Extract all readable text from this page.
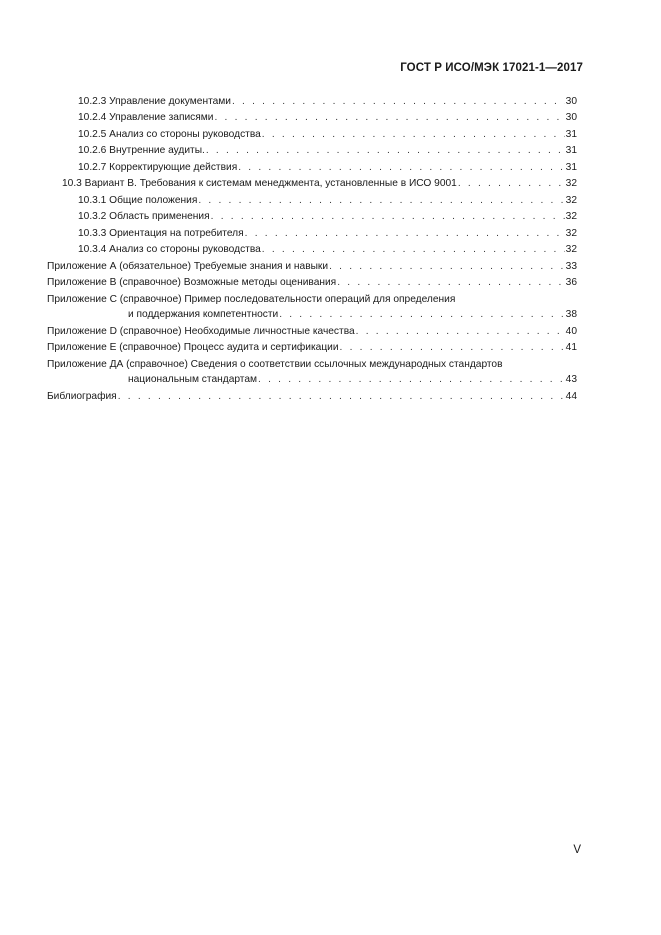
ГОСТ Р ИСО/МЭК 17021-1—2017
10.2.3 Управление документами . . .	30
10.2.4 Управление записями . . .	30
10.2.5 Анализ со стороны руководства . . .	31
10.2.6 Внутренние аудиты. . . .	31
10.2.7 Корректирующие действия . . .	31
10.3 Вариант В. Требования к системам менеджмента, установленные в ИСО 9001 . . .	32
10.3.1 Общие положения . . .	32
10.3.2 Область применения . . .	32
10.3.3 Ориентация на потребителя . . .	32
10.3.4 Анализ со стороны руководства . . .	32
Приложение А (обязательное) Требуемые знания и навыки . . .	33
Приложение В (справочное) Возможные методы оценивания . . .	36
Приложение С (справочное) Пример последовательности операций для определения
и поддержания компетентности . . .	38
Приложение D (справочное) Необходимые личностные качества . . .	40
Приложение Е (справочное) Процесс аудита и сертификации . . .	41
Приложение ДА (справочное) Сведения о соответствии ссылочных международных стандартов
национальным стандартам . . .	43
Библиография . . .	44
V
